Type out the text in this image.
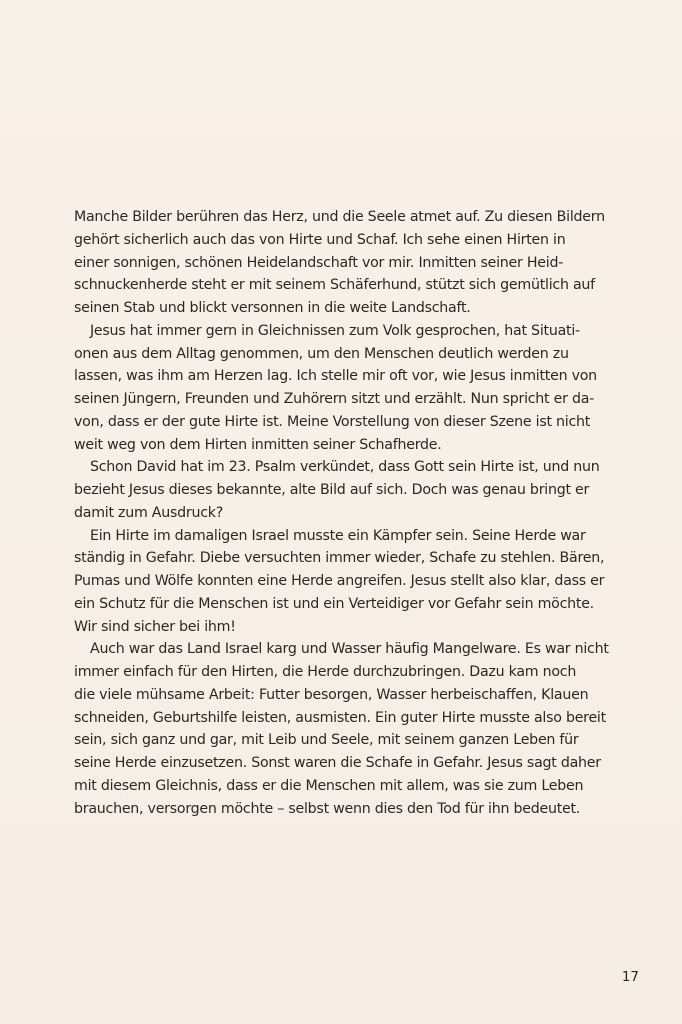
Manche Bilder berühren das Herz, und die Seele atmet auf. Zu diesen Bildern
gehört sicherlich auch das von Hirte und Schaf. Ich sehe einen Hirten in
einer sonnigen, schönen Heidelandschaft vor mir. Inmitten seiner Heid-
schnuckenherde steht er mit seinem Schäferhund, stützt sich gemütlich auf
seinen Stab und blickt versonnen in die weite Landschaft.
Jesus hat immer gern in Gleichnissen zum Volk gesprochen, hat Situati-
onen aus dem Alltag genommen, um den Menschen deutlich werden zu
lassen, was ihm am Herzen lag. Ich stelle mir oft vor, wie Jesus inmitten von
seinen Jüngern, Freunden und Zuhörern sitzt und erzählt. Nun spricht er da-
von, dass er der gute Hirte ist. Meine Vorstellung von dieser Szene ist nicht
weit weg von dem Hirten inmitten seiner Schafherde.
Schon David hat im 23. Psalm verkündet, dass Gott sein Hirte ist, und nun
bezieht Jesus dieses bekannte, alte Bild auf sich. Doch was genau bringt er
damit zum Ausdruck?
Ein Hirte im damaligen Israel musste ein Kämpfer sein. Seine Herde war
ständig in Gefahr. Diebe versuchten immer wieder, Schafe zu stehlen. Bären,
Pumas und Wölfe konnten eine Herde angreifen. Jesus stellt also klar, dass er
ein Schutz für die Menschen ist und ein Verteidiger vor Gefahr sein möchte.
Wir sind sicher bei ihm!
Auch war das Land Israel karg und Wasser häufig Mangelware. Es war nicht
immer einfach für den Hirten, die Herde durchzubringen. Dazu kam noch
die viele mühsame Arbeit: Futter besorgen, Wasser herbeischaffen, Klauen
schneiden, Geburtshilfe leisten, ausmisten. Ein guter Hirte musste also bereit
sein, sich ganz und gar, mit Leib und Seele, mit seinem ganzen Leben für
seine Herde einzusetzen. Sonst waren die Schafe in Gefahr. Jesus sagt daher
mit diesem Gleichnis, dass er die Menschen mit allem, was sie zum Leben
brauchen, versorgen möchte – selbst wenn dies den Tod für ihn bedeutet.
17
